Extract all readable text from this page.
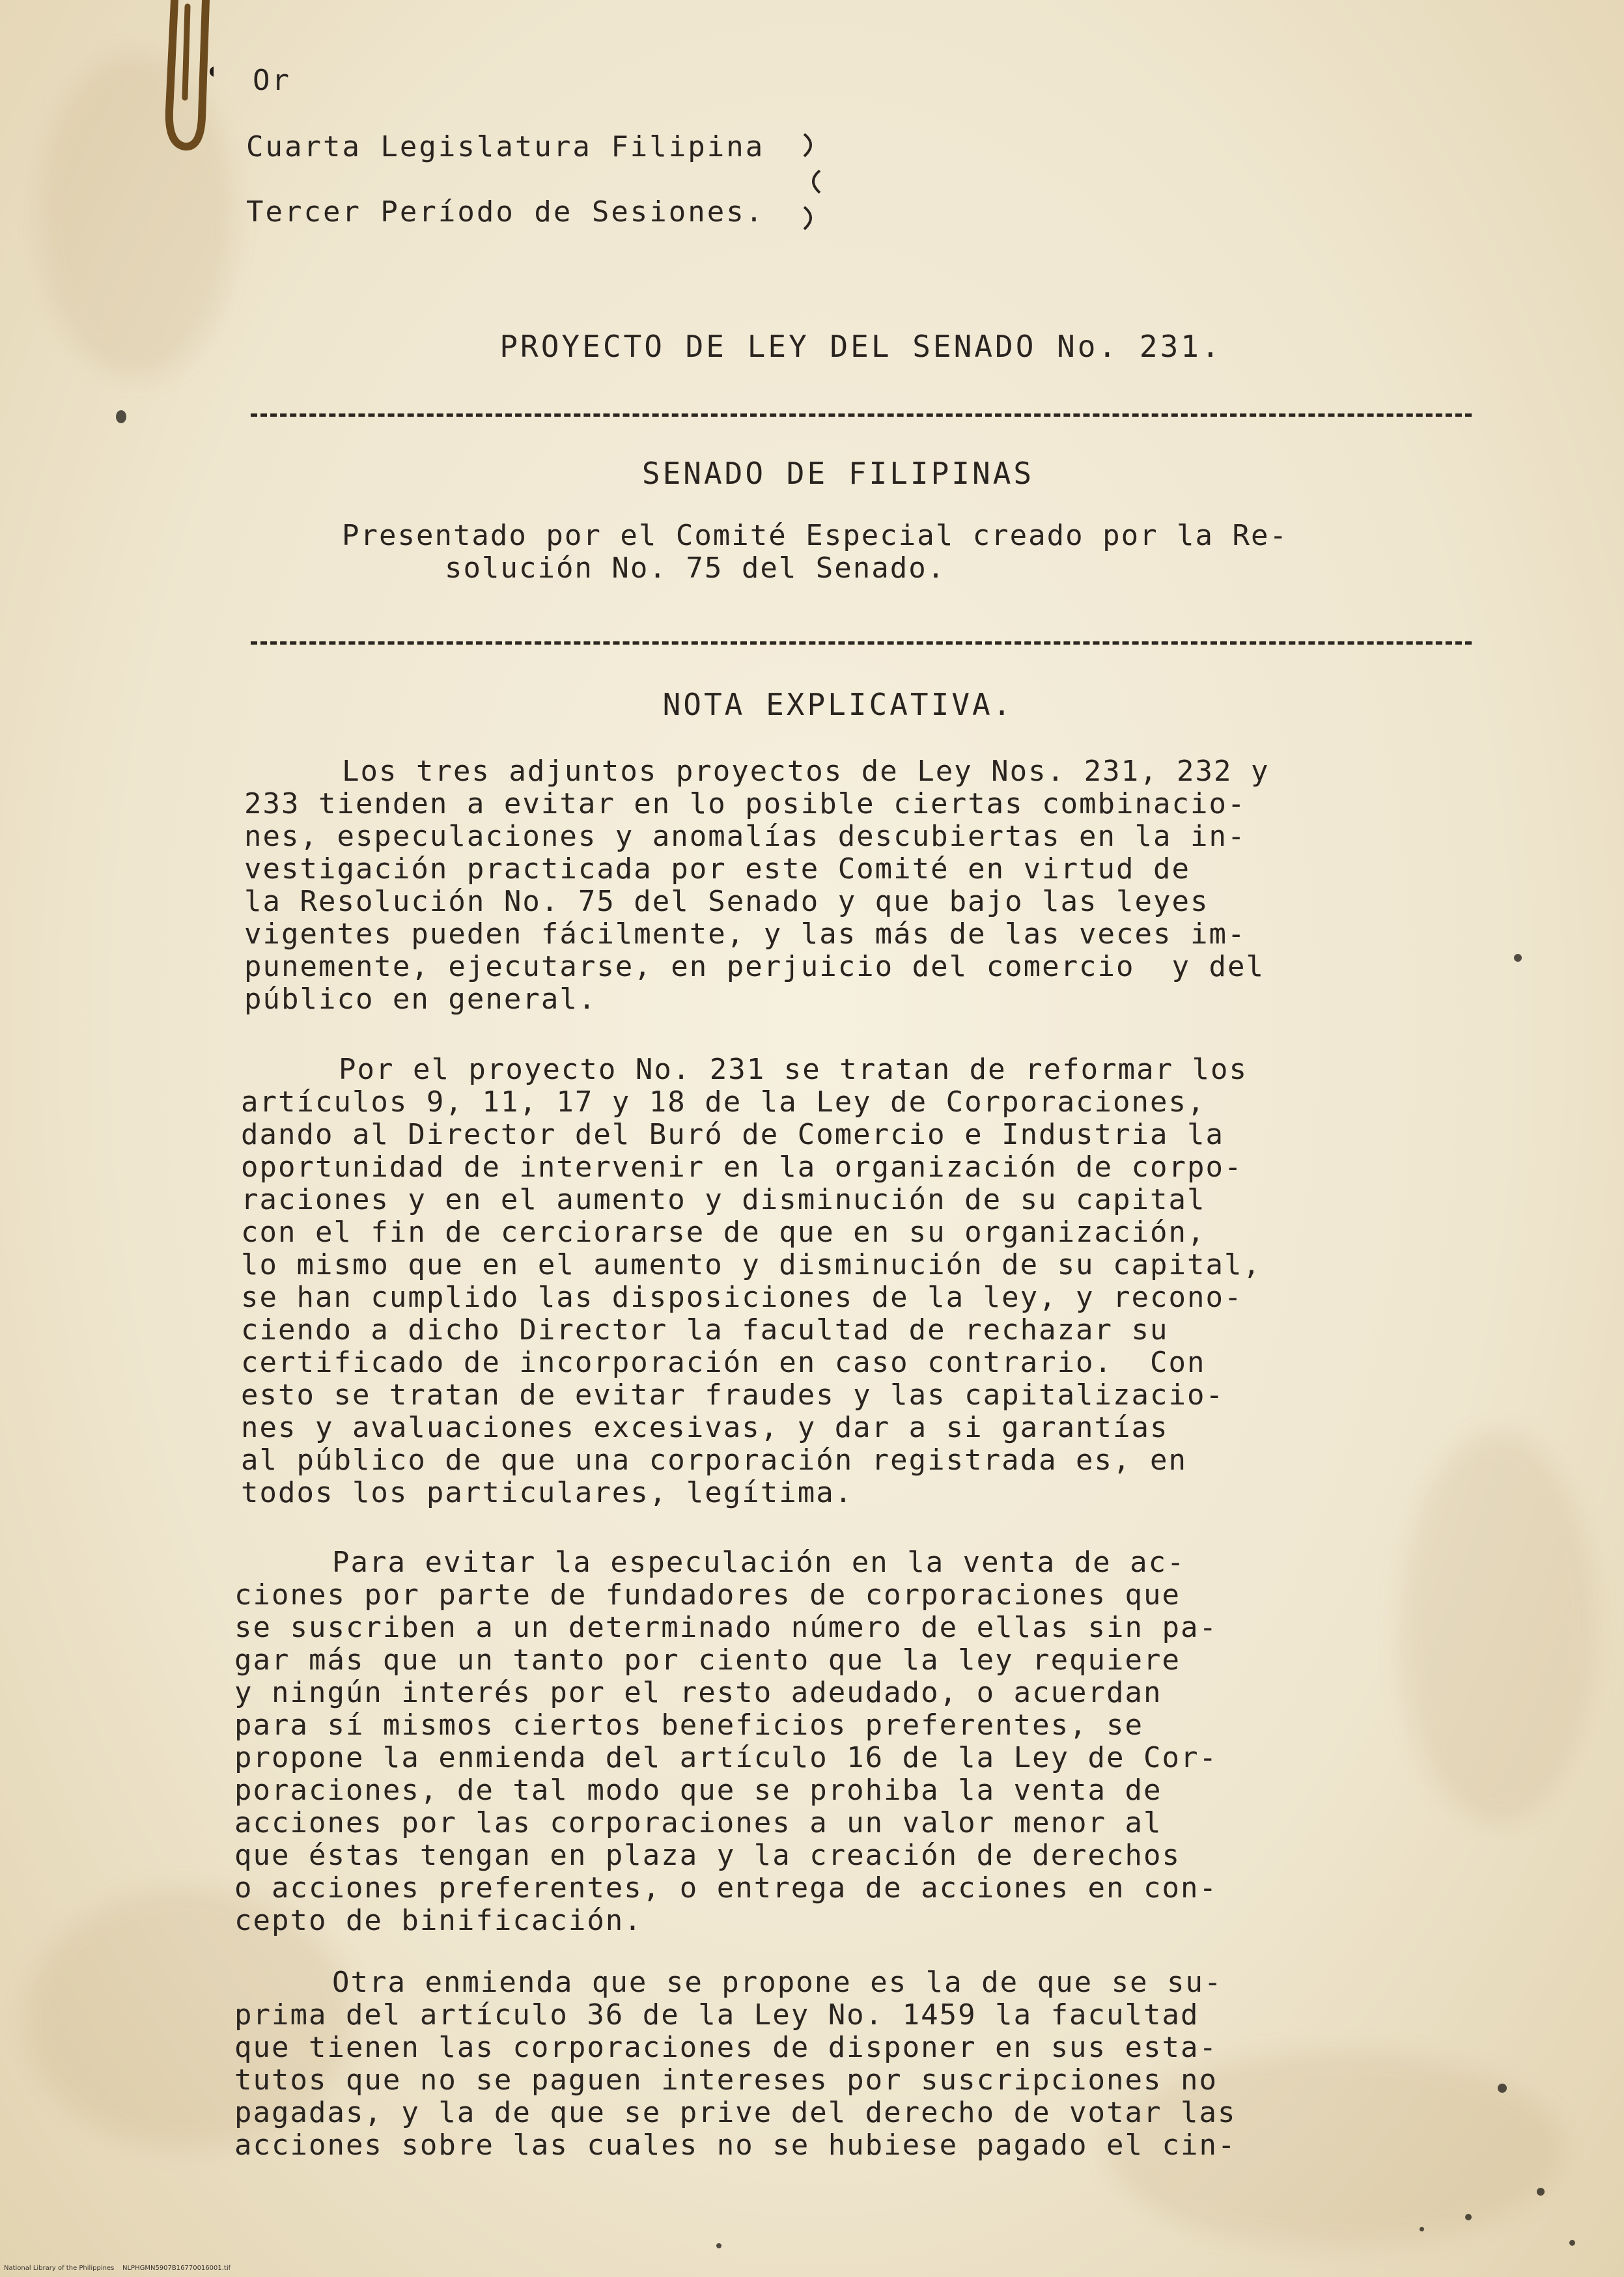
Or
Cuarta Legislatura Filipina
Tercer Período de Sesiones.
PROYECTO DE LEY DEL SENADO No. 231.
SENADO DE FILIPINAS
Presentado por el Comité Especial creado por la Re-
solución No. 75 del Senado.
NOTA EXPLICATIVA.
Los tres adjuntos proyectos de Ley Nos. 231, 232 y
233 tienden a evitar en lo posible ciertas combinacio-
nes, especulaciones y anomalías descubiertas en la in-
vestigación practicada por este Comité en virtud de
la Resolución No. 75 del Senado y que bajo las leyes
vigentes pueden fácilmente, y las más de las veces im-
punemente, ejecutarse, en perjuicio del comercio  y del
público en general.
Por el proyecto No. 231 se tratan de reformar los
artículos 9, 11, 17 y 18 de la Ley de Corporaciones,
dando al Director del Buró de Comercio e Industria la
oportunidad de intervenir en la organización de corpo-
raciones y en el aumento y disminución de su capital
con el fin de cerciorarse de que en su organización,
lo mismo que en el aumento y disminución de su capital,
se han cumplido las disposiciones de la ley, y recono-
ciendo a dicho Director la facultad de rechazar su
certificado de incorporación en caso contrario.  Con
esto se tratan de evitar fraudes y las capitalizacio-
nes y avaluaciones excesivas, y dar a si garantías
al público de que una corporación registrada es, en
todos los particulares, legítima.
Para evitar la especulación en la venta de ac-
ciones por parte de fundadores de corporaciones que
se suscriben a un determinado número de ellas sin pa-
gar más que un tanto por ciento que la ley requiere
y ningún interés por el resto adeudado, o acuerdan
para sí mismos ciertos beneficios preferentes, se
propone la enmienda del artículo 16 de la Ley de Cor-
poraciones, de tal modo que se prohiba la venta de
acciones por las corporaciones a un valor menor al
que éstas tengan en plaza y la creación de derechos
o acciones preferentes, o entrega de acciones en con-
cepto de binificación.
Otra enmienda que se propone es la de que se su-
prima del artículo 36 de la Ley No. 1459 la facultad
que tienen las corporaciones de disponer en sus esta-
tutos que no se paguen intereses por suscripciones no
pagadas, y la de que se prive del derecho de votar las
acciones sobre las cuales no se hubiese pagado el cin-
National Library of the Philippines    NLPHGMN5907B16770016001.tif
